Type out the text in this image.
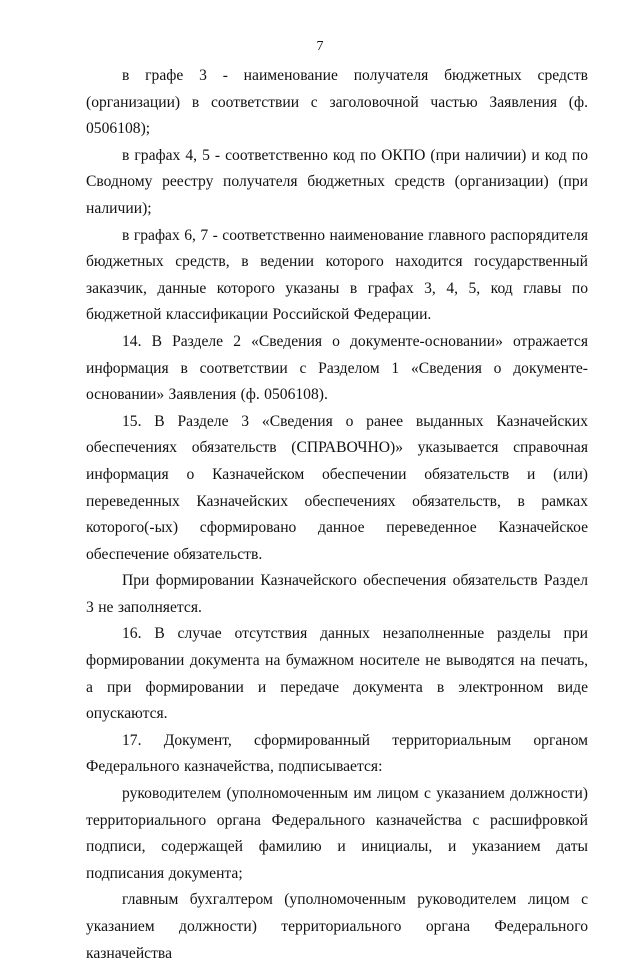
7

в графе 3 - наименование получателя бюджетных средств (организации) в соответствии с заголовочной частью Заявления (ф. 0506108);

в графах 4, 5 - соответственно код по ОКПО (при наличии) и код по Сводному реестру получателя бюджетных средств (организации) (при наличии);

в графах 6, 7 - соответственно наименование главного распорядителя бюджетных средств, в ведении которого находится государственный заказчик, данные которого указаны в графах 3, 4, 5, код главы по бюджетной классификации Российской Федерации.

14. В Разделе 2 «Сведения о документе-основании» отражается информация в соответствии с Разделом 1 «Сведения о документе-основании» Заявления (ф. 0506108).

15. В Разделе 3 «Сведения о ранее выданных Казначейских обеспечениях обязательств (СПРАВОЧНО)» указывается справочная информация о Казначейском обеспечении обязательств и (или) переведенных Казначейских обеспечениях обязательств, в рамках которого(-ых) сформировано данное переведенное Казначейское обеспечение обязательств.

При формировании Казначейского обеспечения обязательств Раздел 3 не заполняется.

16. В случае отсутствия данных незаполненные разделы при формировании документа на бумажном носителе не выводятся на печать, а при формировании и передаче документа в электронном виде опускаются.

17. Документ, сформированный территориальным органом Федерального казначейства, подписывается:

руководителем (уполномоченным им лицом с указанием должности) территориального органа Федерального казначейства с расшифровкой подписи, содержащей фамилию и инициалы, и указанием даты подписания документа;

главным бухгалтером (уполномоченным руководителем лицом с указанием должности) территориального органа Федерального казначейства
